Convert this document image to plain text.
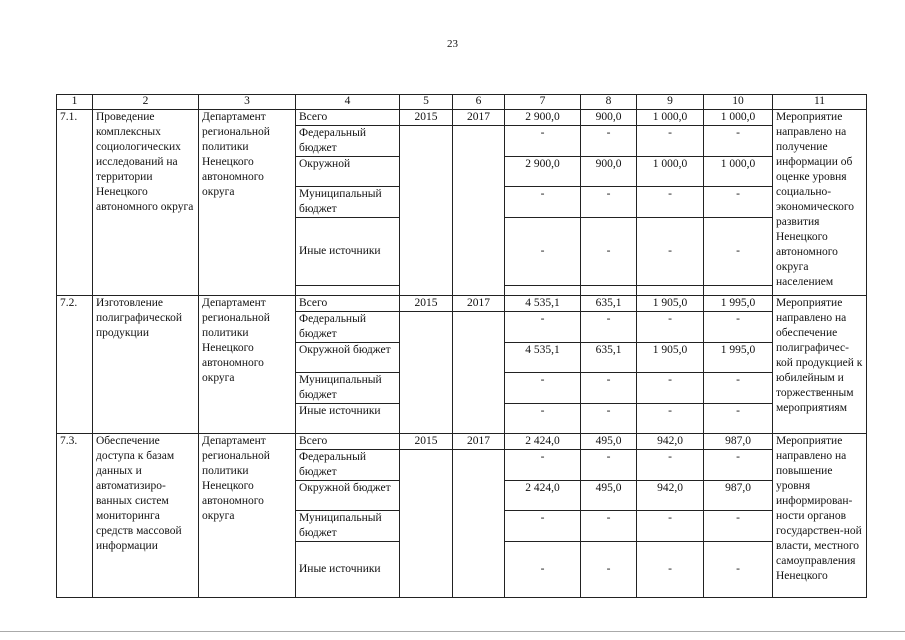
23
1	2	3	4	5	6	7	8	9	10	11
7.1.	Проведение комплексных социологических исследований на территории Ненецкого автономного округа	Департамент региональной политики Ненецкого автономного округа	Всего	2015	2017	2 900,0	900,0	1 000,0	1 000,0	Мероприятие направлено на получение информации об оценке уровня социально-экономического развития Ненецкого автономного округа населением
			Федеральный бюджет			-	-	-	-	
			Окружной			2 900,0	900,0	1 000,0	1 000,0	
			Муниципальный бюджет			-	-	-	-	
			Иные источники			-	-	-	-	

7.2.	Изготовление полиграфической продукции	Департамент региональной политики Ненецкого автономного округа	Всего	2015	2017	4 535,1	635,1	1 905,0	1 995,0	Мероприятие направлено на обеспечение полиграфичес-кой продукцией к юбилейным и торжественным мероприятиям
			Федеральный бюджет			-	-	-	-	
			Окружной бюджет			4 535,1	635,1	1 905,0	1 995,0	
			Муниципальный бюджет			-	-	-	-	
			Иные источники			-	-	-	-	
7.3.	Обеспечение доступа к базам данных и автоматизиро-ванных систем мониторинга средств массовой информации	Департамент региональной политики Ненецкого автономного округа	Всего	2015	2017	2 424,0	495,0	942,0	987,0	Мероприятие направлено на повышение уровня информирован-ности органов государствен-ной власти, местного самоуправления Ненецкого
			Федеральный бюджет			-	-	-	-	
			Окружной бюджет			2 424,0	495,0	942,0	987,0	
			Муниципальный бюджет			-	-	-	-	
			Иные источники			-	-	-	-	
